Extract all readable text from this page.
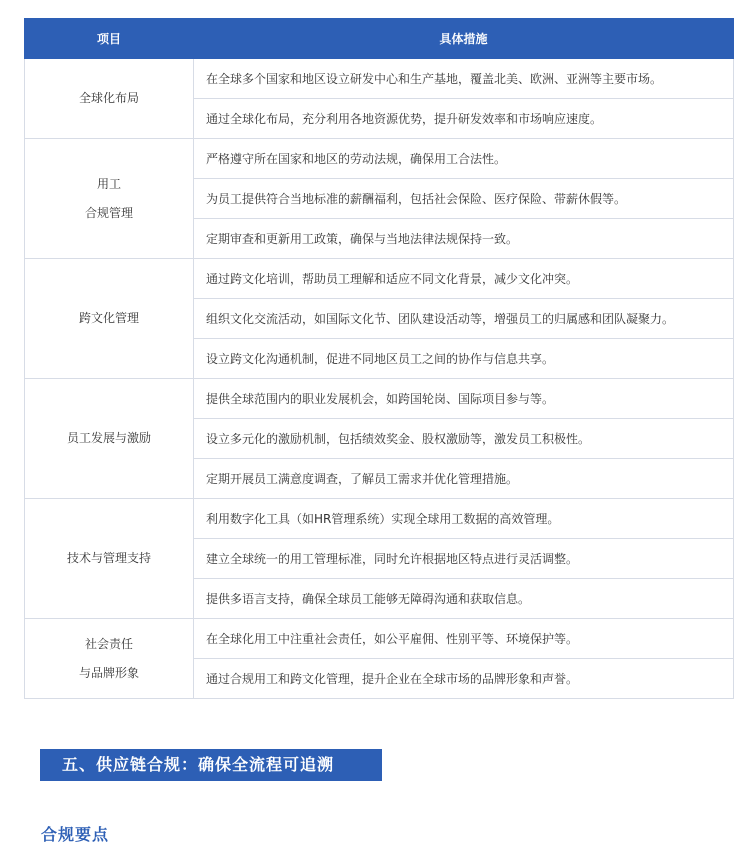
项目	具体措施

全球化布局	在全球多个国家和地区设立研发中心和生产基地，覆盖北美、欧洲、亚洲等主要市场。
	通过全球化布局，充分利用各地资源优势，提升研发效率和市场响应速度。

用工
合规管理	严格遵守所在国家和地区的劳动法规，确保用工合法性。
	为员工提供符合当地标准的薪酬福利，包括社会保险、医疗保险、带薪休假等。
	定期审查和更新用工政策，确保与当地法律法规保持一致。

跨文化管理	通过跨文化培训，帮助员工理解和适应不同文化背景，减少文化冲突。
	组织文化交流活动，如国际文化节、团队建设活动等，增强员工的归属感和团队凝聚力。
	设立跨文化沟通机制，促进不同地区员工之间的协作与信息共享。

员工发展与激励	提供全球范围内的职业发展机会，如跨国轮岗、国际项目参与等。
	设立多元化的激励机制，包括绩效奖金、股权激励等，激发员工积极性。
	定期开展员工满意度调查，了解员工需求并优化管理措施。

技术与管理支持	利用数字化工具（如HR管理系统）实现全球用工数据的高效管理。
	建立全球统一的用工管理标准，同时允许根据地区特点进行灵活调整。
	提供多语言支持，确保全球员工能够无障碍沟通和获取信息。

社会责任
与品牌形象	在全球化用工中注重社会责任，如公平雇佣、性别平等、环境保护等。
	通过合规用工和跨文化管理，提升企业在全球市场的品牌形象和声誉。
五、供应链合规：确保全流程可追溯
合规要点
